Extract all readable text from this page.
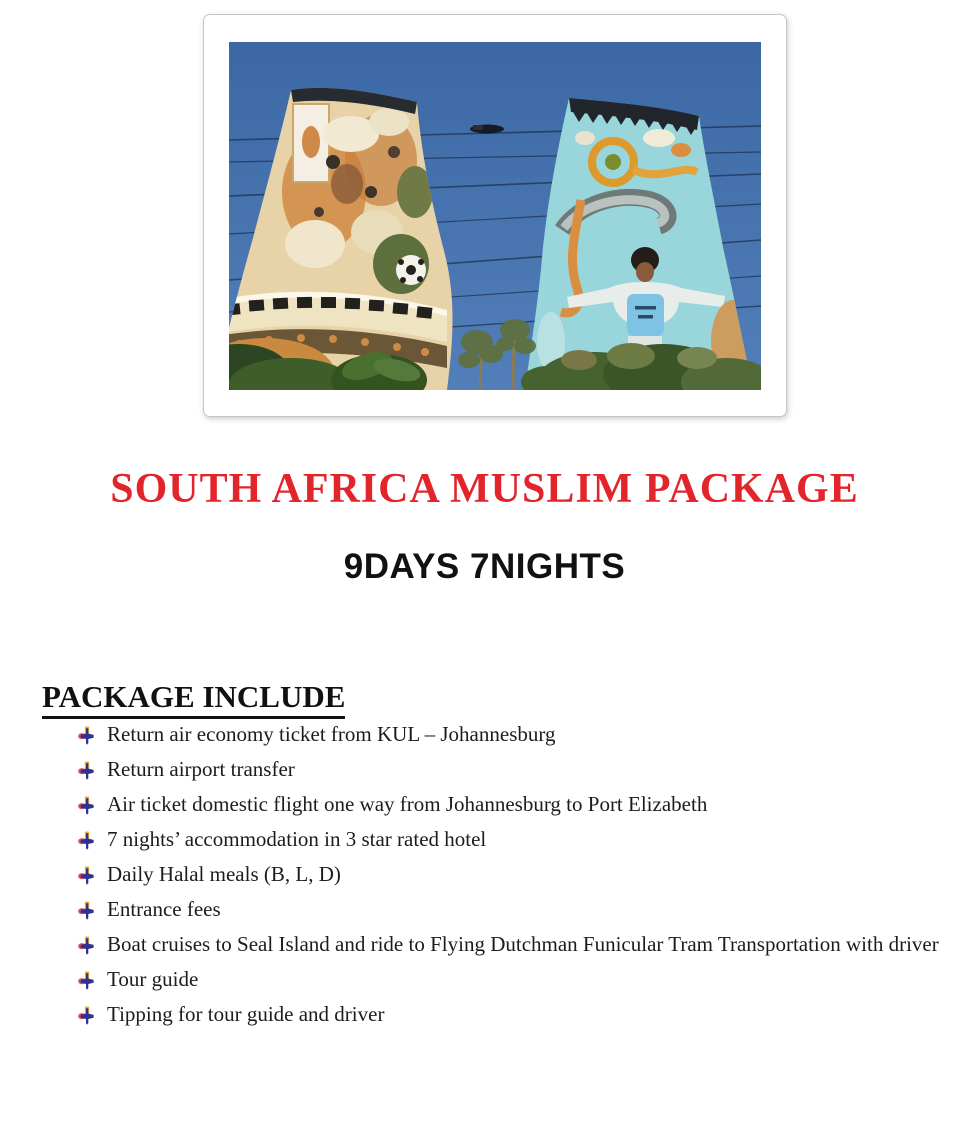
SOUTH AFRICA MUSLIM PACKAGE
9DAYS 7NIGHTS
PACKAGE INCLUDE
Return air economy ticket from KUL – Johannesburg
Return airport transfer
Air ticket domestic flight one way from Johannesburg to Port Elizabeth
7 nights’ accommodation in 3 star rated hotel
Daily Halal meals (B, L, D)
Entrance fees
Boat cruises to Seal Island and ride to Flying Dutchman Funicular Tram Transportation with driver
Tour guide
Tipping for tour guide and driver
